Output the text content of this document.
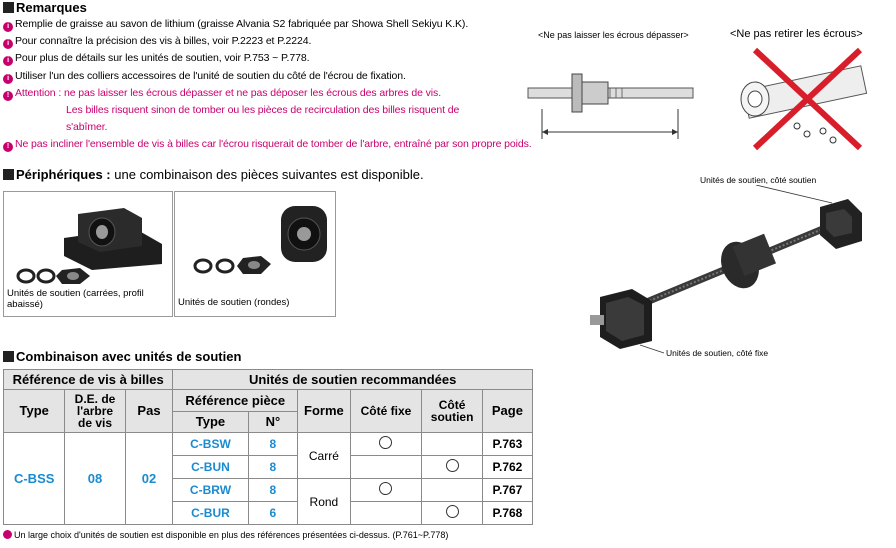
Remarques
i Remplie de graisse au savon de lithium (graisse Alvania S2 fabriquée par Showa Shell Sekiyu K.K).
i Pour connaître la précision des vis à billes, voir P.2223 et P.2224.
i Pour plus de détails sur les unités de soutien, voir P.753 ~ P.778.
i Utiliser l'un des colliers accessoires de l'unité de soutien du côté de l'écrou de fixation.
! Attention : ne pas laisser les écrous dépasser et ne pas déposer les écrous des arbres de vis.
Les billes risquent sinon de tomber ou les pièces de recirculation des billes risquent de
s'abîmer.
! Ne pas incliner l'ensemble de vis à billes car l'écrou risquerait de tomber de l'arbre, entraîné par son propre poids.
<Ne pas laisser les écrous dépasser>	<Ne pas retirer les écrous>
Périphériques : une combinaison des pièces suivantes est disponible.
Unités de soutien (carrées, profil abaissé)	Unités de soutien (rondes)
Unités de soutien, côté soutien
Unités de soutien, côté fixe
Combinaison avec unités de soutien
Référence de vis à billes			Unités de soutien recommandées					
Type	D.E. de l'arbre de vis	Pas	Référence pièce		Forme	Côté fixe	Côté soutien	Page
			Type	N°				
C-BSS	08	02	C-BSW	8	Carré			P.763
			C-BUN	8				P.762
			C-BRW	8	Rond			P.767
			C-BUR	6				P.768
Un large choix d'unités de soutien est disponible en plus des références présentées ci-dessus. (P.761~P.778)
